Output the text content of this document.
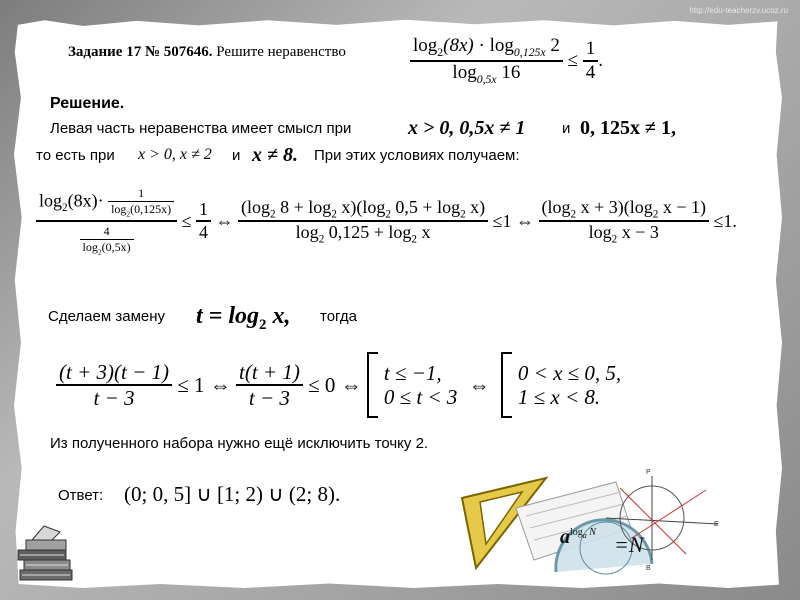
http://edu-teacherzv.ucoz.ru
Задание 17 № 507646. Решите неравенство	$\frac{\log_2(8x) \cdot \log_{0,125x} 2}{\log_{0,5x} 16} \le \frac{1}{4}$ .
Решение.
Левая часть неравенства имеет смысл при	x > 0, 0,5x ≠ 1 и 0, 125x ≠ 1,
то есть при x > 0, x ≠ 2 и x ≠ 8. При этих условиях получаем:
$\frac{\log_2(8x)\cdot \frac{1}{\log_2(0,125x)}}{\frac{4}{\log_2(0,5x)}} \le \frac{1}{4}$ ⇔ $\frac{(\log_2 8 + \log_2 x)(\log_2 0,5 + \log_2 x)}{\log_2 0,125 + \log_2 x} \le 1$ ⇔ $\frac{(\log_2 x + 3)(\log_2 x - 1)}{\log_2 x - 3} \le 1$.
Сделаем замену $t = \log_2 x$, тогда
$\frac{(t + 3)(t - 1)}{t - 3} \le 1$ ⇔ $\frac{t(t + 1)}{t - 3} \le 0$ ⇔
t ≤ −1,
0 ≤ t < 3
⇔
0 < x ≤ 0, 5,
1 ≤ x < 8.
Из полученного набора нужно ещё исключить точку 2.
Ответ: (0; 0, 5] ∪ [1; 2) ∪ (2; 8).
E
P
B
$a^{log_a N} =N$
